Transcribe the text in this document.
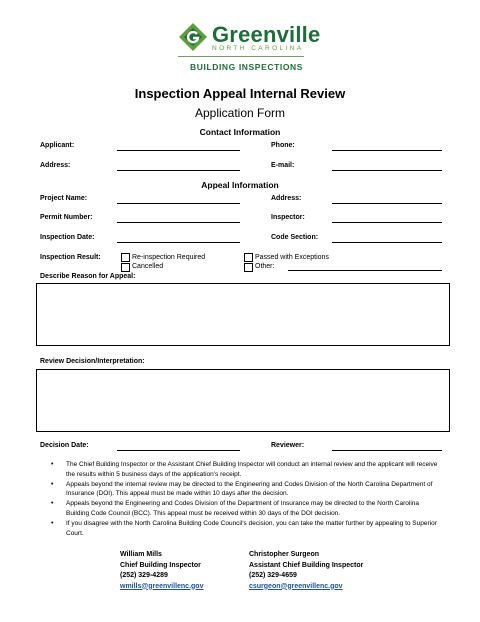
Greenville
NORTH CAROLINA
BUILDING INSPECTIONS
Inspection Appeal Internal Review
Application Form
Contact Information
Applicant:	Phone:
Address:	E-mail:
Appeal Information
Project Name:	Address:
Permit Number:	Inspector:
Inspection Date:	Code Section:
Inspection Result:	Re-inspection Required
Cancelled
Passed with Exceptions
Other:
Describe Reason for Appeal:
Review Decision/Interpretation:
Decision Date:	Reviewer:
• The Chief Building Inspector or the Assistant Chief Building Inspector will conduct an internal review and the applicant will receive the results within 5 business days of the application's receipt.
• Appeals beyond the internal review may be directed to the Engineering and Codes Division of the North Carolina Department of Insurance (DOI). This appeal must be made within 10 days after the decision.
• Appeals beyond the Engineering and Codes Division of the Department of Insurance may be directed to the North Carolina Building Code Council (BCC). This appeal must be received within 30 days of the DOI decision.
• If you disagree with the North Carolina Building Code Council's decision, you can take the matter further by appealing to Superior Court.
William Mills
Chief Building Inspector
(252) 329-4289
wmills@greenvillenc.gov
Christopher Surgeon
Assistant Chief Building Inspector
(252) 329-4659
csurgeon@greenvillenc.gov
